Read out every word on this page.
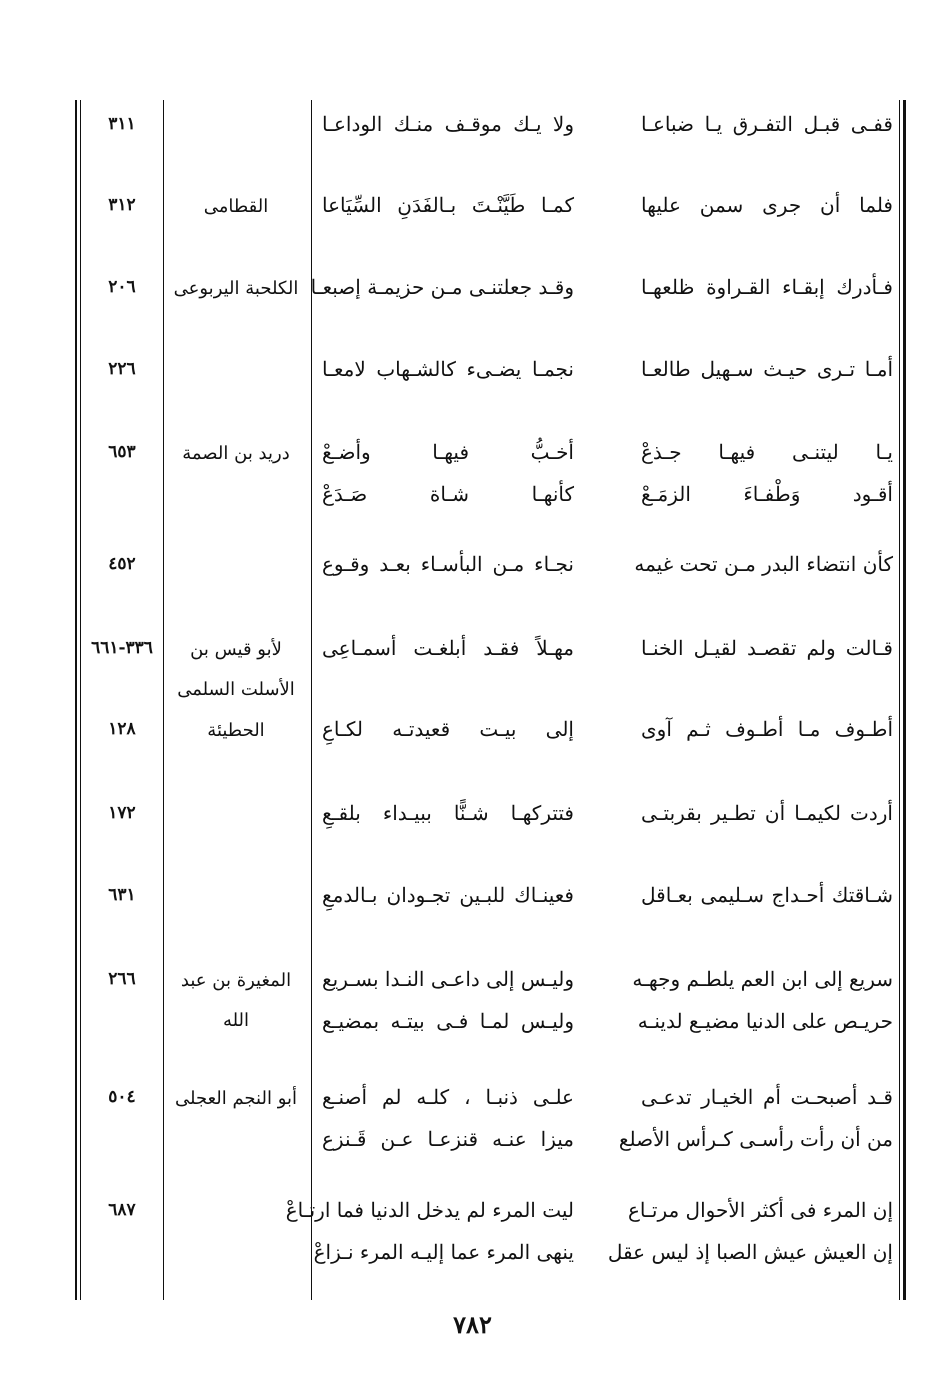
قفـى قبـل التفـرق يـا ضباعـا
ولا يـك موقـف منـك الوداعـا
٣١١
فلما أن جرى سمن عليها
كمـا طَيَّنْـتَ بـالفَدَنِ السِّيَاعا
القطامى
٣١٢
فـأدرك إبقـاء القـراوة ظلعهـا
وقـد جعلتنـى مـن حزيمـة إصبعـا
الكلحبة اليربوعى
٢٠٦
أمـا تـرى حيـث سـهيل طالعـا
نجمـا يضـىء كالشـهاب لامعـا
٢٢٦
يـا ليتنـى فيهـا جـذعْ
أقـود وَطْفـاءَ الزمَـعْ
أخـبُّ فيهـا وأضـعْ
كأنهـا شـاة صَـدَعْ
دريد بن الصمة
٦٥٣
كأن انتضاء البدر مـن تحت غيمه
نجـاء مـن البأسـاء بعـد وقـوع
٤٥٢
قـالت ولم تقصـد لقيـل الخنـا
مهـلاً فقـد أبلغـت أسمـاعِى
لأبو قيس بن الأسلت السلمى
٣٣٦-٦٦١
أطـوف مـا أطـوف ثـم آوى
إلى بيـت قعيدتـه لكـاعِ
الحطيئة
١٢٨
أردت لكيمـا أن تطـير بقربتـى
فتتركهـا شـنًّا ببيـداء بلقـعِ
١٧٢
شـاقتك أحـداج سـليمى بعـاقل
فعينـاك للبـين تجـودان بـالدمعِ
٦٣١
سريع إلى ابن العم يلطـم وجهـه
حريـص على الدنيا مضيـع لدينـه
وليـس إلى داعـى النـدا بسـريع
وليـس لمـا فـى بيتـه بمضيـع
المغيرة بن عبد الله
٢٦٦
قـد أصبحـت أم الخيـار تدعـى
من أن رأت رأسـى كـرأس الأصلع
علـى ذنبـا ، كلـه لم أصنـع
ميزا عنـه قنزعـا عـن قَـنزع
أبو النجم العجلى
٥٠٤
إن المرء فى أكثر الأحوال مرتـاع
إن العيش عيش الصبا إذ ليس عقل
ليت المرء لم يدخل الدنيا فما ارتـاعْ
ينهى المرء عما إليـه المرء نـزاعْ
٦٨٧
٧٨٢
